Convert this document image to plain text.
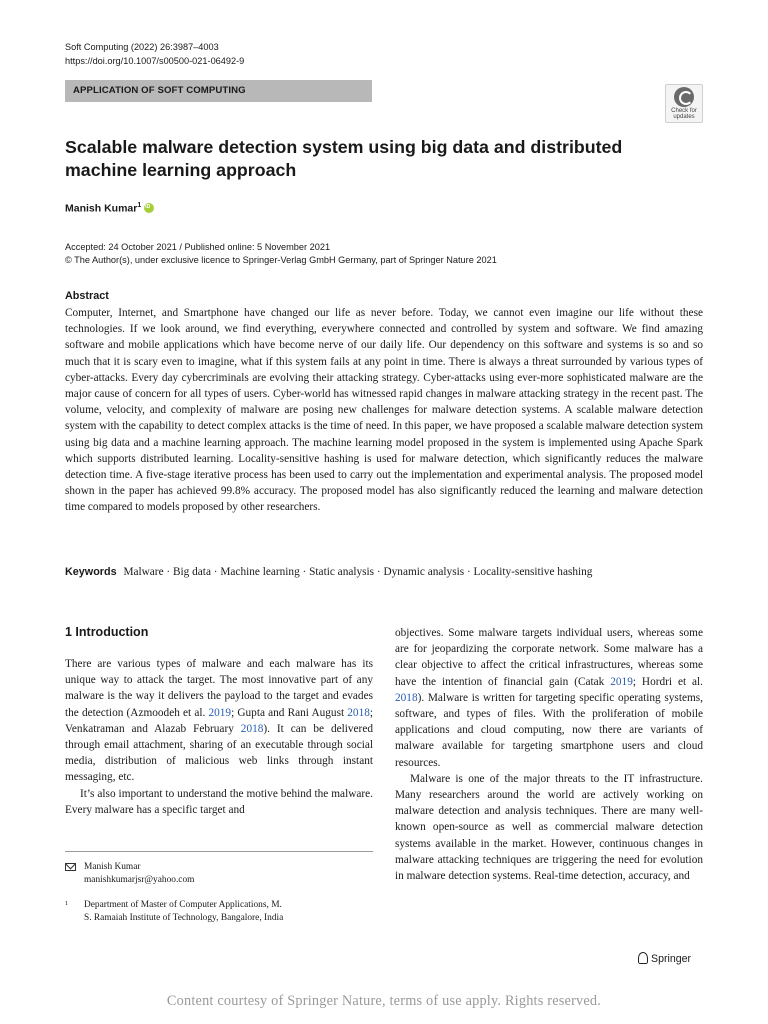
Soft Computing (2022) 26:3987–4003
https://doi.org/10.1007/s00500-021-06492-9
APPLICATION OF SOFT COMPUTING
Check for
updates
Scalable malware detection system using big data and distributed machine learning approach
Manish Kumar$^1$iD
Accepted: 24 October 2021 / Published online: 5 November 2021
© The Author(s), under exclusive licence to Springer-Verlag GmbH Germany, part of Springer Nature 2021
Abstract
Computer, Internet, and Smartphone have changed our life as never before. Today, we cannot even imagine our life without these technologies. If we look around, we find everything, everywhere connected and controlled by system and software. We find amazing software and mobile applications which have become nerve of our daily life. Our dependency on this software and systems is so and so much that it is scary even to imagine, what if this system fails at any point in time. There is always a threat surrounded by various types of cyber-attacks. Every day cybercriminals are evolving their attacking strategy. Cyber-attacks using ever-more sophisticated malware are the major cause of concern for all types of users. Cyber-world has witnessed rapid changes in malware attacking strategy in the recent past. The volume, velocity, and complexity of malware are posing new challenges for malware detection systems. A scalable malware detection system with the capability to detect complex attacks is the time of need. In this paper, we have proposed a scalable malware detection system using big data and a machine learning approach. The machine learning model proposed in the system is implemented using Apache Spark which supports distributed learning. Locality-sensitive hashing is used for malware detection, which significantly reduces the malware detection time. A five-stage iterative process has been used to carry out the implementation and experimental analysis. The proposed model shown in the paper has achieved 99.8% accuracy. The proposed model has also significantly reduced the learning and malware detection time compared to models proposed by other researchers.
Keywords Malware · Big data · Machine learning · Static analysis · Dynamic analysis · Locality-sensitive hashing
1 Introduction

There are various types of malware and each malware has its unique way to attack the target. The most innovative part of any malware is the way it delivers the payload to the target and evades the detection (Azmoodeh et al. 2019; Gupta and Rani August 2018; Venkatraman and Alazab February 2018). It can be delivered through email attachment, sharing of an executable through social media, distribution of malicious web links through instant messaging, etc.

It’s also important to understand the motive behind the malware. Every malware has a specific target and

objectives. Some malware targets individual users, whereas some are for jeopardizing the corporate network. Some malware has a clear objective to affect the critical infrastructures, whereas some have the intention of financial gain (Catak 2019; Hordri et al. 2018). Malware is written for targeting specific operating systems, software, and types of files. With the proliferation of mobile applications and cloud computing, now there are variants of malware available for targeting smartphone users and cloud resources.

Malware is one of the major threats to the IT infrastructure. Many researchers around the world are actively working on malware detection and analysis techniques. There are many well-known open-source as well as commercial malware detection systems available in the market. However, continuous changes in malware attacking techniques are triggering the need for evolution in malware detection systems. Real-time detection, accuracy, and

Manish Kumar
manishkumarjsr@yahoo.com
1 Department of Master of Computer Applications, M.
S. Ramaiah Institute of Technology, Bangalore, India
Springer
Content courtesy of Springer Nature, terms of use apply. Rights reserved.
